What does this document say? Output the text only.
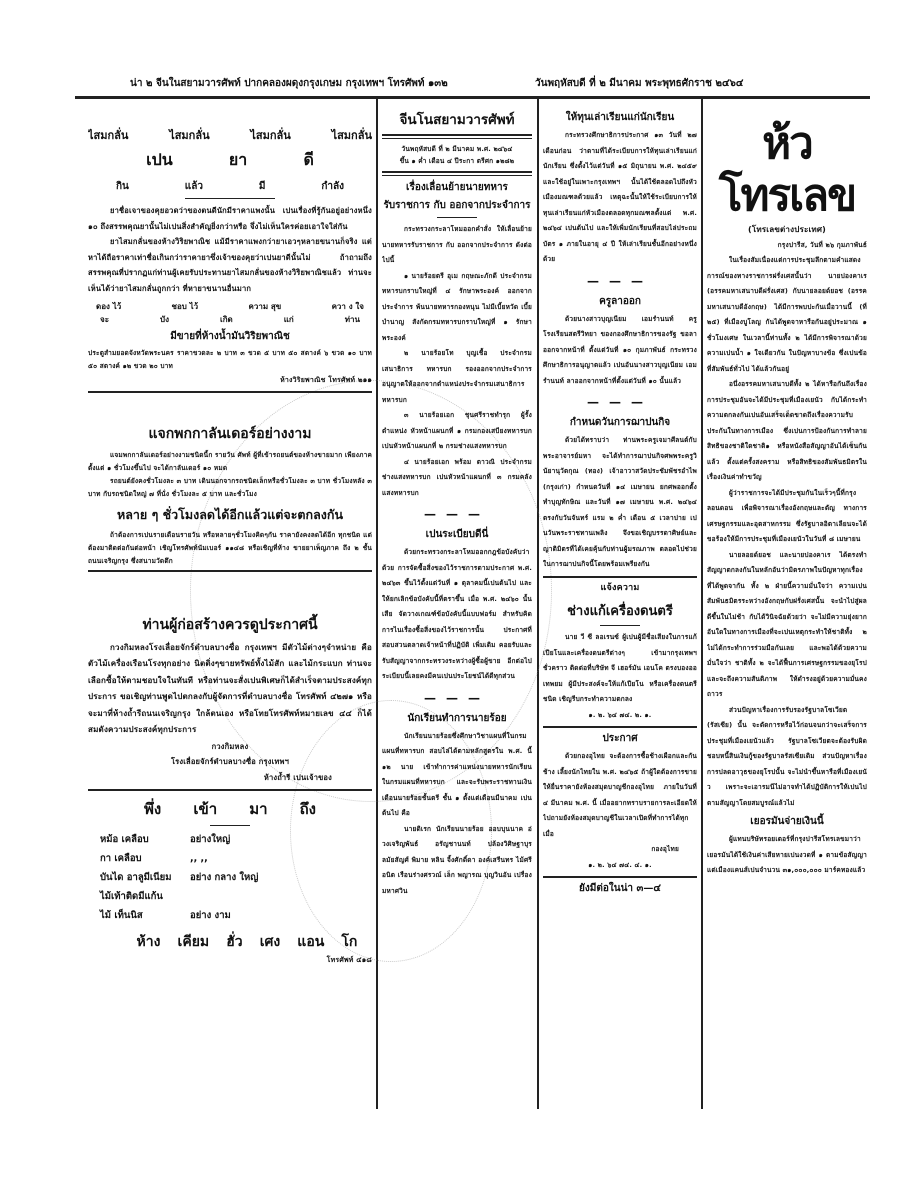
น่า ๒ จีนในสยามวารศัพท์ ปากคลองผดุงกรุงเกษม กรุงเทพฯ โทรศัพท์ ๑๓๒	วันพฤหัสบดี ที่ ๒ มีนาคม พระพุทธศักราช ๒๔๖๔
ไสมกลั่น	ไสมกลั่น	ไสมกลั่น	ไสมกลั่น
เปน	ยา	ดี
กิน	แล้ว	มี	กำลัง

ยาชื่อเจาของคุยอวดว่าของตนดีนักมีราคาแพงนั้น เปนเรื่องที่รู้กันอยู่อย่างหนึ่ง ๑๐ ถึงสรรพคุณยานั้นไม่เปนสิ่งสำคัญยิ่งกว่าหรือ จึ่งไม่เห็นใครค่อยเอาใจใส่กัน

ยาไสมกลั่นของห้างวิริยพาณิช แม้มีราคาแพงกว่ายาเอวๆหลายขนานก็จริง แต่หาได้ถือราคาเท่าชื่อเกินกว่าราคายาซึ่งเจ้าของคุยว่าเปนยาดีนั้นไม่ ถ้าถามถึงสรรพคุณที่ปรากฏแก่ท่านผู้เคยรับประทานยาไสมกลั่นของห้างวิริยพาณิชแล้ว ท่านจะเห็นได้ว่ายาไสมกลั่นถูกกว่า ที่หายาขนานอื่นมาก

ดอง ไว้	ชอบ ไว้	ความ สุข	ควา ง ใจ
จะ	บัง	เกิด	แก่	ท่าน
มีขายที่ห้างน้ำมันวิริยพาณิช

ประตูสำมยอดจังหวัดพระนคร ราคาขวดละ ๒ บาท ๓ ขวด ๕ บาท ๕๐ สตางค์ ๖ ขวด ๑๐ บาท ๕๐ สตางค์ ๑๒ ขวด ๒๐ บาท

ห้างวิริยพาณิช โทรศัพท์ ๒๑๑

แจกพกกาลันเดอร์อย่างงาม

แจมพกกาลันเดอร์อย่างงามชนิดนี้ก รายวัน ศัพท์ ผู้ที่เข้ารถยนต์ของห้างขายมาก เพียงภาค ตั้งแต่ ๑ ชั่วโมงขึ้นไป จะได้กาลันเดอร์ ๑๐ หมด

รถยนต์ยังคงชั่วโมงละ ๓ บาท เดินนอกจากรถชนิดเล็กหรือชั่วโมงละ ๓ บาท ชั่วโมงหลัง ๓ บาท กับรถชนิดใหญ่ ๗ ที่นั่ง ชั่วโมงละ ๕ บาท และชั่วโมง

หลาย ๆ ชั่วโมงลดได้อีกแล้วแต่จะตกลงกัน

ถ้าต้องการเปนรายเดือนรายวัน หรือหลายๆชั่วโมงคิดๆกัน ราคายังคงลดได้อีก ทุกชนิด แต่ต้องมาติดต่อกันต่อหน้า เชิญโทรศัพท์นัมเบอร์ ๑๑๔๘ หรือเชิญที่ห้าง ขายยาเพ็ญภาค ถึง ๒ ชั้น ถนนเจริญกรุง ซึ่งสนามวัดตึก

ท่านผู้ก่อสร้างควรดูประกาศนี้

กวงกิมหลงโรงเลื่อยจักร์ตำบลบางซื่อ กรุงเทพฯ มีตัวไม้ต่างๆจำหน่าย คือตัวไม้เครื่องเรือนโรงทุกอย่าง นิตติ่งๆขายทรัพย์ทั้งไม้สัก และไม้กระแบก ท่านจะเลือกซื้อให้ตามชอบใจในทันที หรือท่านจะสั่งเปนพิเศษก็ได้สำเร็จตามประสงค์ทุกประการ ขอเชิญท่านพูดไปตกลงกับผู้จัดการที่ตำบลบางซื่อ โทรศัพท์ ๔๒๗๑ หรือจะมาที่ห้างถ้ำรีถนนเจริญกรุง ใกล้ตนเอง หรือโทยโทรศัพท์หมายเลข ๔๔ ก็ได้สมดังความประสงค์ทุกประการ

กวงกิมหลง

โรงเลื่อยจักร์ตำบลบางซื่อ กรุงเทพฯ

ห้างถ้ำรี เปนเจ้าของ

พึ่ง เข้า มา ถึง
หม้อ เคลือบ	อย่างใหญ่
กา เคลือบ	,, ,,
บันได อาลูมีเนียม	อย่าง กลาง ใหญ่
ไม้เท้าติดมีแก้น
ไม้ เท็นนิส	อย่าง งาม
ห้าง เคียม ฮั่ว เศง แอน โก

โทรศัพท์ ๔๑๘

จีนโนสยามวารศัพท์
วันพฤหัสบดี ที่ ๒ มีนาคม พ.ศ. ๒๔๖๔
ขึ้น ๑ ค่ำ เดือน ๔ ปีระกา ตรีศก ๑๒๘๒
เรื่องเลื่อนย้ายนายทหาร
รับราชการ กับ ออกจากประจำการ

กระทรวงกระลาโหมออกคำสั่ง ให้เลื่อนย้ายนายทหารรับราชการ กับ ออกจากประจำการ ดังต่อไปนี้

๑ นายร้อยตรี อุเม กฤษณะภักดี ประจำกรมทหารบกราบใหญ่ที่ ๔ รักษาพระองค์ ออกจากประจำการ พ้นนายทหารกองหนุน ไม่มีเบี้ยหวัด เบี้ยบำนาญ สังกัดกรมทหารบกราบใหญ่ที่ ๑ รักษาพระองค์

๒ นายร้อยโท บุญเชื้อ ประจำกรมเสนาธิการ ทหารบก รองออกจากประจำการ อนุญาตให้ออกจากตำแหน่งประจำกรมเสนาธิการ ทหารบก

๓ นายร้อยเอก ชุนศรีราชทำรุก ผู้รั้งตำแหน่ง หัวหน้าแผนกที่ ๑ กรมกองเสบียงทหารบก เปนหัวหน้าแผนกที่ ๒ กรมช่างแสงทหารบก

๔ นายร้อยเอก พร้อม ตาวณิ ประจำกรมช่างแสงทหารบก เปนหัวหน้าแผนกที่ ๓ กรมคลังแสงทหารบก

———
เปนระเบียบดีนี่

ด้วยกระทรวงกระลาโหมออกกฎข้อบังคับว่าด้วย การจัดซื้อสิ่งของไว้ราชการตามประกาศ พ.ศ. ๒๔๖๓ ขึ้นไว้ตั้งแต่วันที่ ๑ ตุลาคมนี้เปนต้นไป และให้ยกเลิกข้อบังคับนี้ที่ตราขึ้น เมื่อ พ.ศ. ๒๔๖๐ นั้นเสีย จัดวางเกณฑ์ข้อบังคับนี้แบบฟอร์ม สำหรับคิดการไนเรื่องซื้อสิ่งของไว้ราชการนั้น ประกาศที่สอบสวนตลาดเจ้าหน้าที่ปฏิบัติ เพิ่มเติม คอยรับและรับสัญญาจากกระทรวงระหว่างผู้ซื้อผู้ขาย อีกต่อไป ระเบียบนี้เลยคงมีคนเปนประโยชน์ได้ดีทุกส่วน

———
นักเรียนทำการนายร้อย

นักเรียนนายร้อยซึ่งศึกษาวิชาแผนที่ในกรมแผนที่ทหารบก สอบไล่ได้ตามหลักสูตรใน พ.ศ. นี้ ๑๒ นาย เข้าทำการค่าแหน่งนายทหารนักเรียนในกรมแผนที่ทหารบก และจะรับพระราชทานเงินเดือนนายร้อยชั้นตรี ชั้น ๑ ตั้งแต่เดือนมีนาคม เปนต้นไป คือ

นายดิเรก นักเรียนนายร้อย ออบบุนนาค อ่วงเจริญพันธ์ อรัญชานนท์ ปล้องวิศิษฐาบุร ลมัยสัญศ์ พิมาย หลิน จิ้งศักดิ์ดา องค์เสรีนทร ไม้ศรีอนิต เรือนร่างศรวณ์ เล็ก พญารณ บุญวินอัน เปรื่อง มหาศวิน

ให้ทุนเล่าเรียนแก่นักเรียน

กระทรวงศึกษาธิการประกาศ ๑๓ วันที่ ๒๗ เดือนก่อน ว่าตามที่ได้ระเบียบการให้ทุนเล่าเรียนแก่นักเรียน ซึ่งตั้งไว้แต่วันที่ ๑๕ มิถุนายน พ.ศ. ๒๔๕๙ และใช้อยู่ในเพาะกรุงเทพฯ นั้นได้ใช้ตลอดไปถึงหัวเมืองมณฑลด้วยแล้ว เหตุฉะนั้นให้ใช้ระเบียบการให้ทุนเล่าเรียนแก่หัวเมืองตลอดทุกมณฑลตั้งแต่ พ.ศ. ๒๔๖๔ เปนต้นไป และให้เพิ่มนักเรียนที่สอบไล่ประถมบัตร ๑ ภายในอายุ ๔ ปี ให้เล่าเรียนชั้นอีกอย่างหนึ่งด้วย

———
ครูลาออก

ด้วยนางสาวบุญเนียม เอมรำนนท์ ครูโรงเรียนสตรีวิทยา ของกองศึกษาธิการของรัฐ ขอลาออกจากหน้าที่ ตั้งแต่วันที่ ๑๐ กุมภาพันธ์ กระทรวงศึกษาธิการอนุญาตแล้ว เปนอันนางสาวบุญเนียม เอมรำนนท์ ลาออกจากหน้าที่ตั้งแต่วันที่ ๑๐ นั้นแล้ว

———
กำหนดวันการฌาปนกิจ

ด้วยได้ทราบว่า ท่านพระครูเจมาศีลนต์กับพระอาจารย์มหา จะได้ทำการฌาปนกิจศพพระครูวินัยานุวัตกุณ (ทอง) เจ้าอาวาสวัดประชัมพัชรอำไพ (กรุงเก่า) กำหนดวันที่ ๑๔ เมษายน ยกศพออกตั้งทำบุญทักษิณ และวันที่ ๑๗ เมษายน พ.ศ. ๒๔๖๔ ตรงกับวันจันทร์ แรม ๒ ค่ำ เดือน ๕ เวลาบ่าย เปนวันพระราชทานเพลิง จึงขอเชิญบรรดาศิษย์และญาติมิตรที่ได้เคยคุ้นกับท่านผู้มรณภาพ ตลอดไปช่วยในการฌาปนกิจนี้โดยพร้อมเพรียงกัน

แจ้งความ
ช่างแก้เครื่องดนตรี

นาย วี ซี ลอเรนซ์ ผู้เปนผู้มีชื่อเสียงในการแก้เปียโนและเครื่องดนตรีต่างๆ เข้ามากรุงเทพฯชั่วคราว ติดต่อที่บริษัท จี เฮอร์มัน เอนโค ตรงบองออเทพยม ผู้มีประสงค์จะให้แก้เปียโน หรือเครื่องดนตรีชนิด เชิญรีบกระทำความตกลง

๑. ๒. ๖๔ ๗๔. ๒. ๑.

ประกาศ

ด้วยกองอุไทย จะต้องการซื้อช้างเผือกและกันช้าง เลี้ยงนักไทยใน พ.ศ. ๒๔๖๕ ถ้าผู้ใดต้องการขายให้ยื่นราคายังห้องสมุดบาญชีกองอุไทย ภายในวันที่ ๔ มีนาคม พ.ศ. นี้ เมื่ออยากทราบรายการละเอียดให้ไปถามยังห้องสมุดบาญชีในเวลาเปิดที่ทำการได้ทุกเมื่อ

กองอุไทย

๑. ๒. ๖๔ ๗๔. ๔. ๑.

ยังมีต่อในน่า ๓—๔
ห้วโทรเลข
(โทรเลขต่างประเทศ)

กรุงปารีส, วันที่ ๒๖ กุมภาพันธ์

ในเรื่องสัมเนื่องแต่การประชุมลึกตามคำแสดงการณ์ของทางราชการฝรั่งเศสนั้นว่า นายปองคาเร (อรรคมหาเสนาบดีฝรั่งเศส) กับนายลอยด์ยอช (อรรคมหาเสนาบดีอังกฤษ) ได้มีการพบปะกันเมื่อวานนี้ (ที่ ๒๕) ที่เมืองบูโลญ กันได้พูดจาหารือกันอยู่ประมาณ ๑ ชั่วโมงเศษ ในเวลานี้ท่านทั้ง ๒ ได้มีการพิจารณาด้วยความเปนน้ำ ๑ ใจเดียวกัน ในปัญหาบางข้อ ซึ่งเปนข้อที่สัมพันธ์ทั่วไป ได้แล้วกันอยู่

อนึ่งอรรคมหาเสนาบดีทั้ง ๒ ได้หารือกันถึงเรื่องการประชุมอันจะได้มีประชุมที่เมืองเยนัว กับได้กระทำความตกลงกันเปนอันเสร็จเด็ดขาดถึงเรื่องความรับประกันในทางการเมือง ซึ่งเปนการป้องกันการทำลายสิทธิของชาติใดชาติ๑ หรือหนังสือสัญญาอันได้เซ็นกันแล้ว ตั้งแต่ครั้งสงคราม หรือสิทธิของสัมพันธมิตรในเรื่องเงินค่าทำขวัญ

ผู้ว่าราชการจะได้มีประชุมกันในเร็วๆนี้ที่กรุงลอนดอน เพื่อพิจารณาเรื่องอังกฤษและตัญ ทางการเศรษฐกรรมและอุตสาหกรรม ซึ่งรัฐบาลอิตาเลียนจะได้ขอร้องให้มีการประชุมที่เมืองเยนัวในวันที่ ๘ เมษายน

นายลอยด์ยอช และนายปองคาเร ได้ตรงทำสัญญาตกลงกันในหลักอันว่ามิตรภาพในปัญหาทุกเรื่องที่ได้พูดจากัน ทั้ง ๒ ฝ่ายนี้ความมั่นใจว่า ความเปนสัมพันธมิตรระหว่างอังกฤษกับฝรั่งเศสนั้น จะนำไปสู่ผลดีขึ้นในไม่ช้า กับได้วินิจฉัยด้วยว่า จะไม่มีความยุ่งยากอันใดในทางการเมืองที่จะเปนเหตุกระทำให้ชาติทั้ง ๒ ไม่ได้กระทำการร่วมมือกันเลย และพอได้ด้วยความมั่นใจว่า ชาติทั้ง ๒ จะได้ฟื้นการเศรษฐกรรมของยุโรป และจะถึงความสันติภาพ ให้ดำรงอยู่ด้วยความมั่นคงถาวร

ส่วนปัญหาเรื่องการรับรองรัฐบาลโซเวียต (รัสเซีย) นั้น จะตัดการหรือไว้ก่อนจนกว่าจะเสร็จการประชุมที่เมืองเยนัวแล้ว รัฐบาลโซเวียตจะต้องรับผิดชอบหนี้สินเงินกู้ของรัฐบาลรัสเซียเดิม ส่วนปัญหาเรื่องการปลดอาวุธของยุโรปนั้น จะไม่นำขึ้นหารือที่เมืองเยนัว เพราะจะเอารมนีไม่อาจทำได้ปฏิบัติการให้เปนไปตามสัญญาโดยสมบูรณ์แล้วไม่

เยอรมันจ่ายเงินนี้

ผู้แทนบริษัทรอยเตอร์ที่กรุงปารีสโทรเลขมาว่า เยอรมันได้ใช้เงินค่าเสียหายเปนงวดที่ ๑ ตามข้อสัญญาแต่เมืองแคนส์เปนจำนวน ๓๑,๐๐๐,๐๐๐ มาร์คทองแล้ว
